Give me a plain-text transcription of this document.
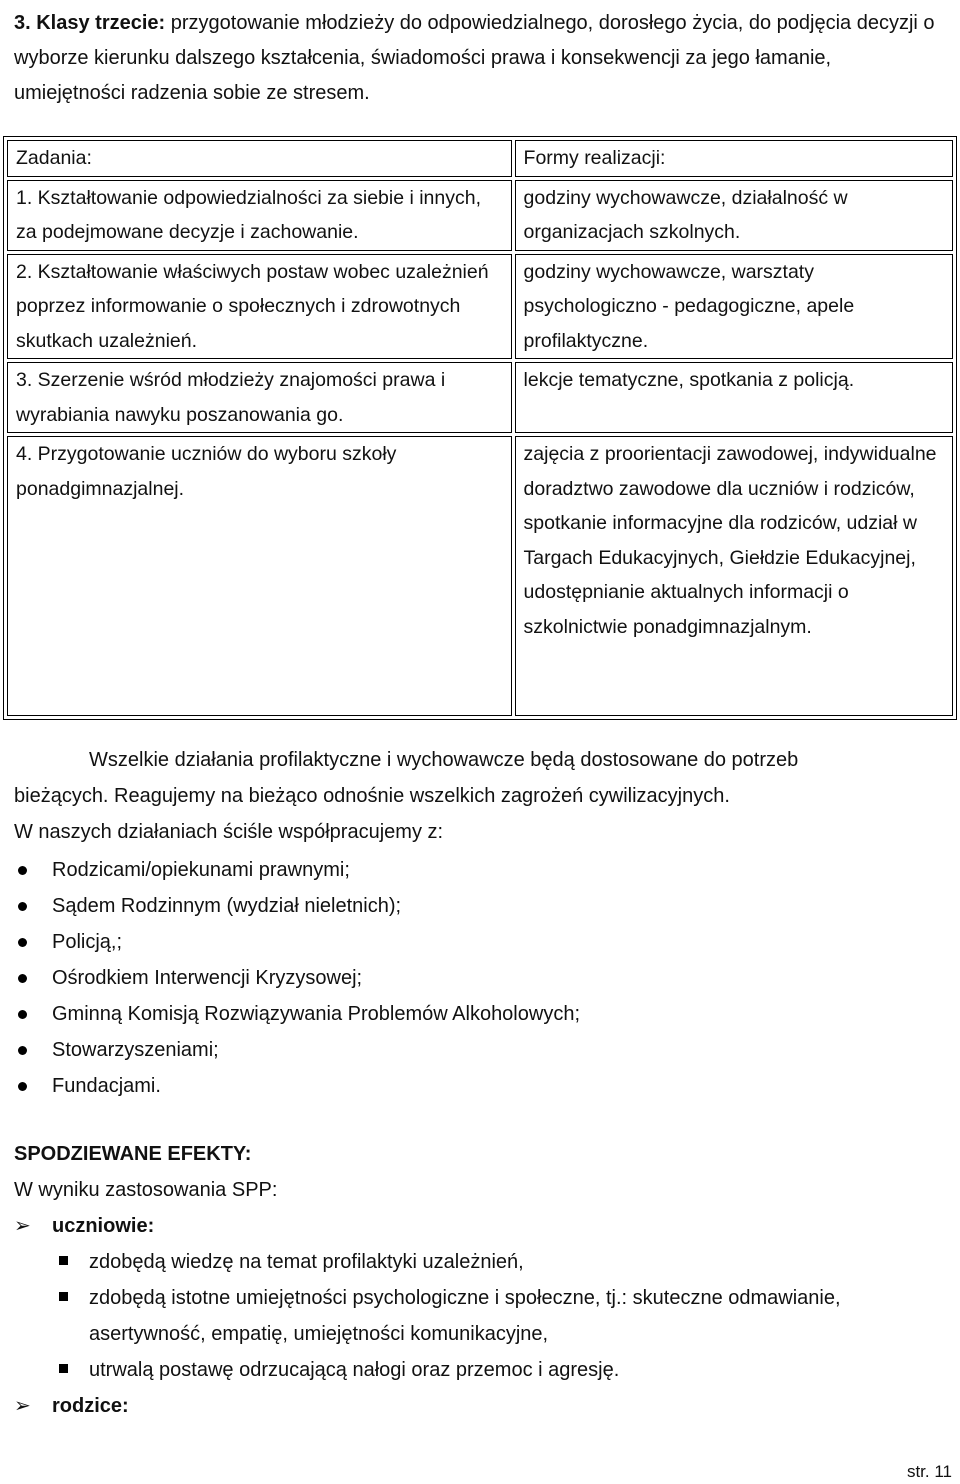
3. Klasy trzecie: przygotowanie młodzieży do odpowiedzialnego, dorosłego życia, do podjęcia decyzji o wyborze kierunku dalszego kształcenia, świadomości prawa i konsekwencji za jego łamanie, umiejętności radzenia sobie ze stresem.
Zadania:	Formy realizacji:
1. Kształtowanie odpowiedzialności za siebie i innych, za podejmowane decyzje i zachowanie.	godziny wychowawcze, działalność w organizacjach szkolnych.
2. Kształtowanie właściwych postaw wobec uzależnień poprzez informowanie o społecznych i zdrowotnych skutkach uzależnień.	godziny wychowawcze, warsztaty psychologiczno - pedagogiczne, apele profilaktyczne.
3. Szerzenie wśród młodzieży znajomości prawa i wyrabiania nawyku poszanowania go.	lekcje tematyczne, spotkania z policją.
4. Przygotowanie uczniów do wyboru szkoły ponadgimnazjalnej.	zajęcia z proorientacji zawodowej, indywidualne doradztwo zawodowe dla uczniów i rodziców, spotkanie informacyjne dla rodziców, udział w Targach Edukacyjnych, Giełdzie Edukacyjnej, udostępnianie aktualnych informacji o szkolnictwie ponadgimnazjalnym.
Wszelkie działania profilaktyczne i wychowawcze będą dostosowane do potrzeb
bieżących. Reagujemy na bieżąco odnośnie wszelkich zagrożeń cywilizacyjnych.
W naszych działaniach ściśle współpracujemy z:
Rodzicami/opiekunami prawnymi;
Sądem Rodzinnym (wydział nieletnich);
Policją,;
Ośrodkiem Interwencji Kryzysowej;
Gminną Komisją Rozwiązywania Problemów Alkoholowych;
Stowarzyszeniami;
Fundacjami.
SPODZIEWANE EFEKTY:
W wyniku zastosowania SPP:
➢ uczniowie:
zdobędą wiedzę na temat profilaktyki uzależnień,
zdobędą istotne umiejętności psychologiczne i społeczne, tj.: skuteczne odmawianie, asertywność, empatię, umiejętności komunikacyjne,
utrwalą postawę odrzucającą nałogi oraz przemoc i agresję.
➢ rodzice:
str. 11
